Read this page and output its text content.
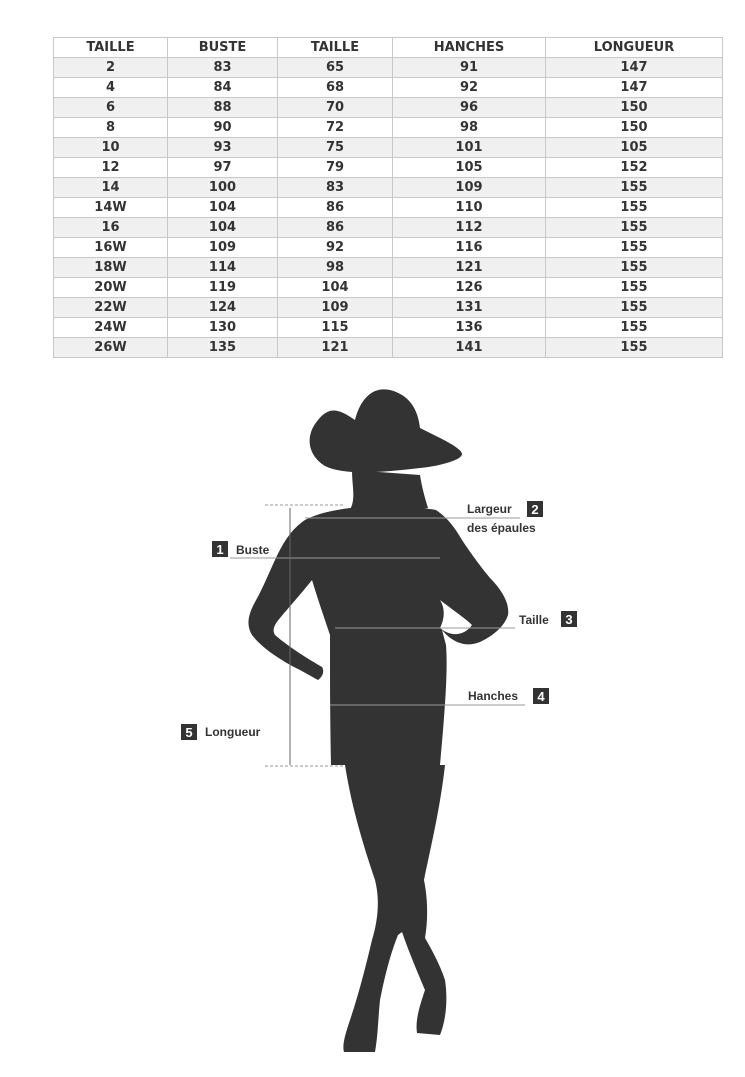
TAILLE	BUSTE	TAILLE	HANCHES	LONGUEUR
2	83	65	91	147
4	84	68	92	147
6	88	70	96	150
8	90	72	98	150
10	93	75	101	105
12	97	79	105	152
14	100	83	109	155
14W	104	86	110	155
16	104	86	112	155
16W	109	92	116	155
18W	114	98	121	155
20W	119	104	126	155
22W	124	109	131	155
24W	130	115	136	155
26W	135	121	141	155
Largeur
des épaules
2
1 Buste
Taille 3
Hanches 4
5 Longueur
